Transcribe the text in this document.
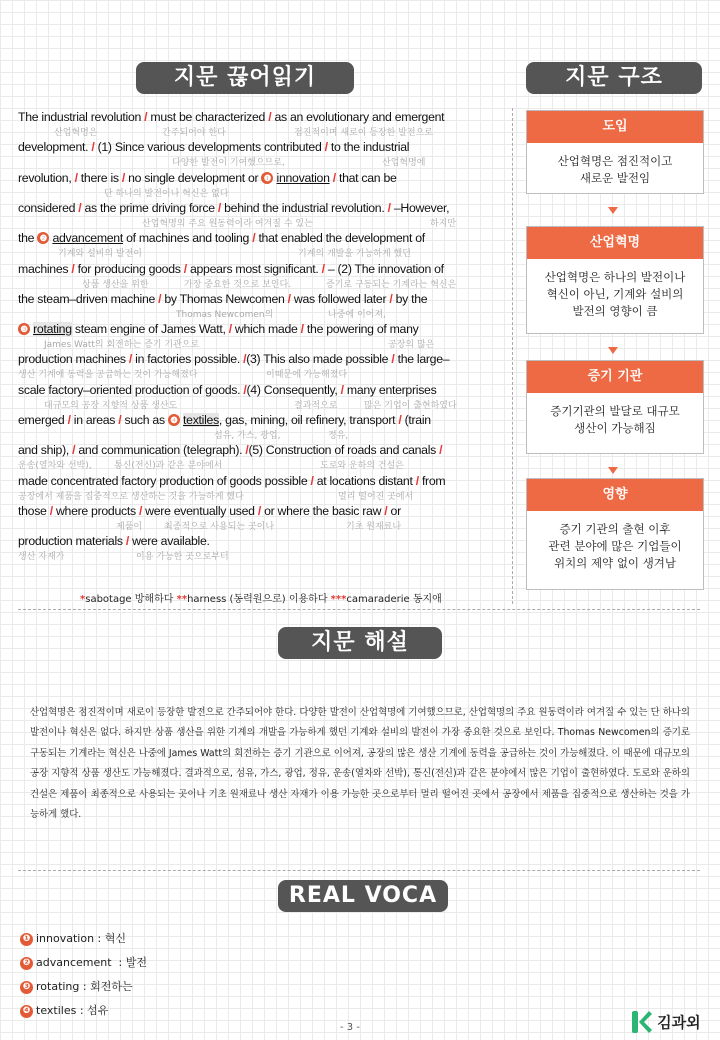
지문 끊어읽기	지문 구조
The industrial revolution / must be characterized / as an evolutionary and emergent
산업혁명은	간주되어야 한다	점진적이며 새로이 등장한 발전으로
development. / (1) Since various developments contributed / to the industrial
다양한 발전이 기여했으므로,	산업혁명에
revolution, / there is / no single development or ❶ innovation / that can be
단 하나의 발전이나 혁신은 없다
considered / as the prime driving force / behind the industrial revolution. / –However,
산업혁명의 주요 원동력이라 여겨질 수 있는	하지만
the ❷ advancement of machines and tooling / that enabled the development of
기계와 설비의 발전이	기계의 개발을 가능하게 했던
machines / for producing goods / appears most significant. / – (2) The innovation of
상품 생산을 위한	가장 중요한 것으로 보인다.	증기로 구동되는 기계라는 혁신은
the steam–driven machine / by Thomas Newcomen / was followed later / by the
Thomas Newcomen의	나중에 이어져,
❸ rotating steam engine of James Watt, / which made / the powering of many
James Watt의 회전하는 증기 기관으로	공장의 많은
production machines / in factories possible. /(3) This also made possible / the large–
생산 기계에 동력을 공급하는 것이 가능해졌다	이때문에 가능해졌다
scale factory–oriented production of goods. /(4) Consequently, / many enterprises
대규모의 공장 지향적 상품 생산도	결과적으로	많은 기업이 출현하였다
emerged / in areas / such as ❹ textiles, gas, mining, oil refinery, transport / (train
섬유, 가스, 광업,	정유,
and ship), / and communication (telegraph). /(5) Construction of roads and canals /
운송(열차와 선박), 통신(전신)과 같은 분야에서	도로와 운하의 건설은
made concentrated factory production of goods possible / at locations distant / from
공장에서 제품을 집중적으로 생산하는 것을 가능하게 했다	멀리 떨어진 곳에서
those / where products / were eventually used / or where the basic raw / or
제품이 최종적으로 사용되는 곳이나	기초 원재료나
production materials / were available.
생산 자재가	이용 가능한 곳으로부터
*sabotage 방해하다 **harness (동력원으로) 이용하다 ***camaraderie 동지애
도입
산업혁명은 점진적이고
새로운 발전임
산업혁명
산업혁명은 하나의 발전이나
혁신이 아닌, 기계와 설비의
발전의 영향이 큼
증기 기관
증기기관의 발달로 대규모
생산이 가능해짐
영향
증기 기관의 출현 이후
관련 분야에 많은 기업들이
위치의 제약 없이 생겨남
지문 해설
산업혁명은 점진적이며 새로이 등장한 발전으로 간주되어야 한다. 다양한 발전이 산업혁명에 기여했으므로, 산업혁명의 주요 원동력이라 여겨질 수 있는 단 하나의 발전이나 혁신은 없다. 하지만 상품 생산을 위한 기계의 개발을 가능하게 했던 기계와 설비의 발전이 가장 중요한 것으로 보인다. Thomas Newcomen의 증기로 구동되는 기계라는 혁신은 나중에 James Watt의 회전하는 증기 기관으로 이어져, 공장의 많은 생산 기계에 동력을 공급하는 것이 가능해졌다. 이 때문에 대규모의 공장 지향적 상품 생산도 가능해졌다. 결과적으로, 섬유, 가스, 광업, 정유, 운송(열차와 선박), 통신(전신)과 같은 분야에서 많은 기업이 출현하였다. 도로와 운하의 건설은 제품이 최종적으로 사용되는 곳이나 기초 원재료나 생산 자재가 이용 가능한 곳으로부터 멀리 떨어진 곳에서 공장에서 제품을 집중적으로 생산하는 것을 가능하게 했다.
REAL VOCA
❶ innovation : 혁신
❷ advancement  : 발전
❸ rotating : 회전하는
❹ textiles : 섬유
- 3 -	김과외
